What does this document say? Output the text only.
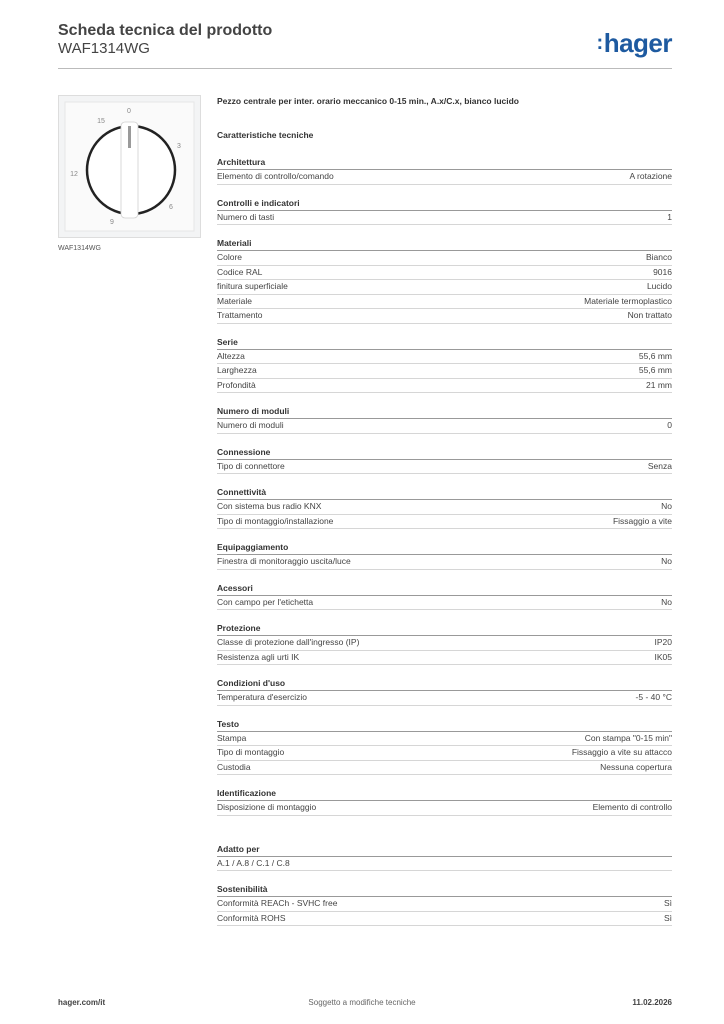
Scheda tecnica del prodotto
WAF1314WG	:hager
0
3
6
9
12
15
WAF1314WG
Pezzo centrale per inter. orario meccanico 0-15 min., A.x/C.x, bianco lucido
Caratteristiche tecniche
Architettura
Elemento di controllo/comando	A rotazione
Controlli e indicatori
Numero di tasti	1
Materiali
Colore	Bianco
Codice RAL	9016
finitura superficiale	Lucido
Materiale	Materiale termoplastico
Trattamento	Non trattato
Serie
Altezza	55,6 mm
Larghezza	55,6 mm
Profondità	21 mm
Numero di moduli
Numero di moduli	0
Connessione
Tipo di connettore	Senza
Connettività
Con sistema bus radio KNX	No
Tipo di montaggio/installazione	Fissaggio a vite
Equipaggiamento
Finestra di monitoraggio uscita/luce	No
Acessori
Con campo per l'etichetta	No
Protezione
Classe di protezione dall'ingresso (IP)	IP20
Resistenza agli urti IK	IK05
Condizioni d'uso
Temperatura d'esercizio	-5 - 40 °C
Testo
Stampa	Con stampa "0-15 min"
Tipo di montaggio	Fissaggio a vite su attacco
Custodia	Nessuna copertura
Identificazione
Disposizione di montaggio	Elemento di controllo
Adatto per
A.1 / A.8 / C.1 / C.8
Sostenibilità
Conformità REACh - SVHC free	Sì
Conformità ROHS	Sì
hager.com/it	Soggetto a modifiche tecniche	11.02.2026
